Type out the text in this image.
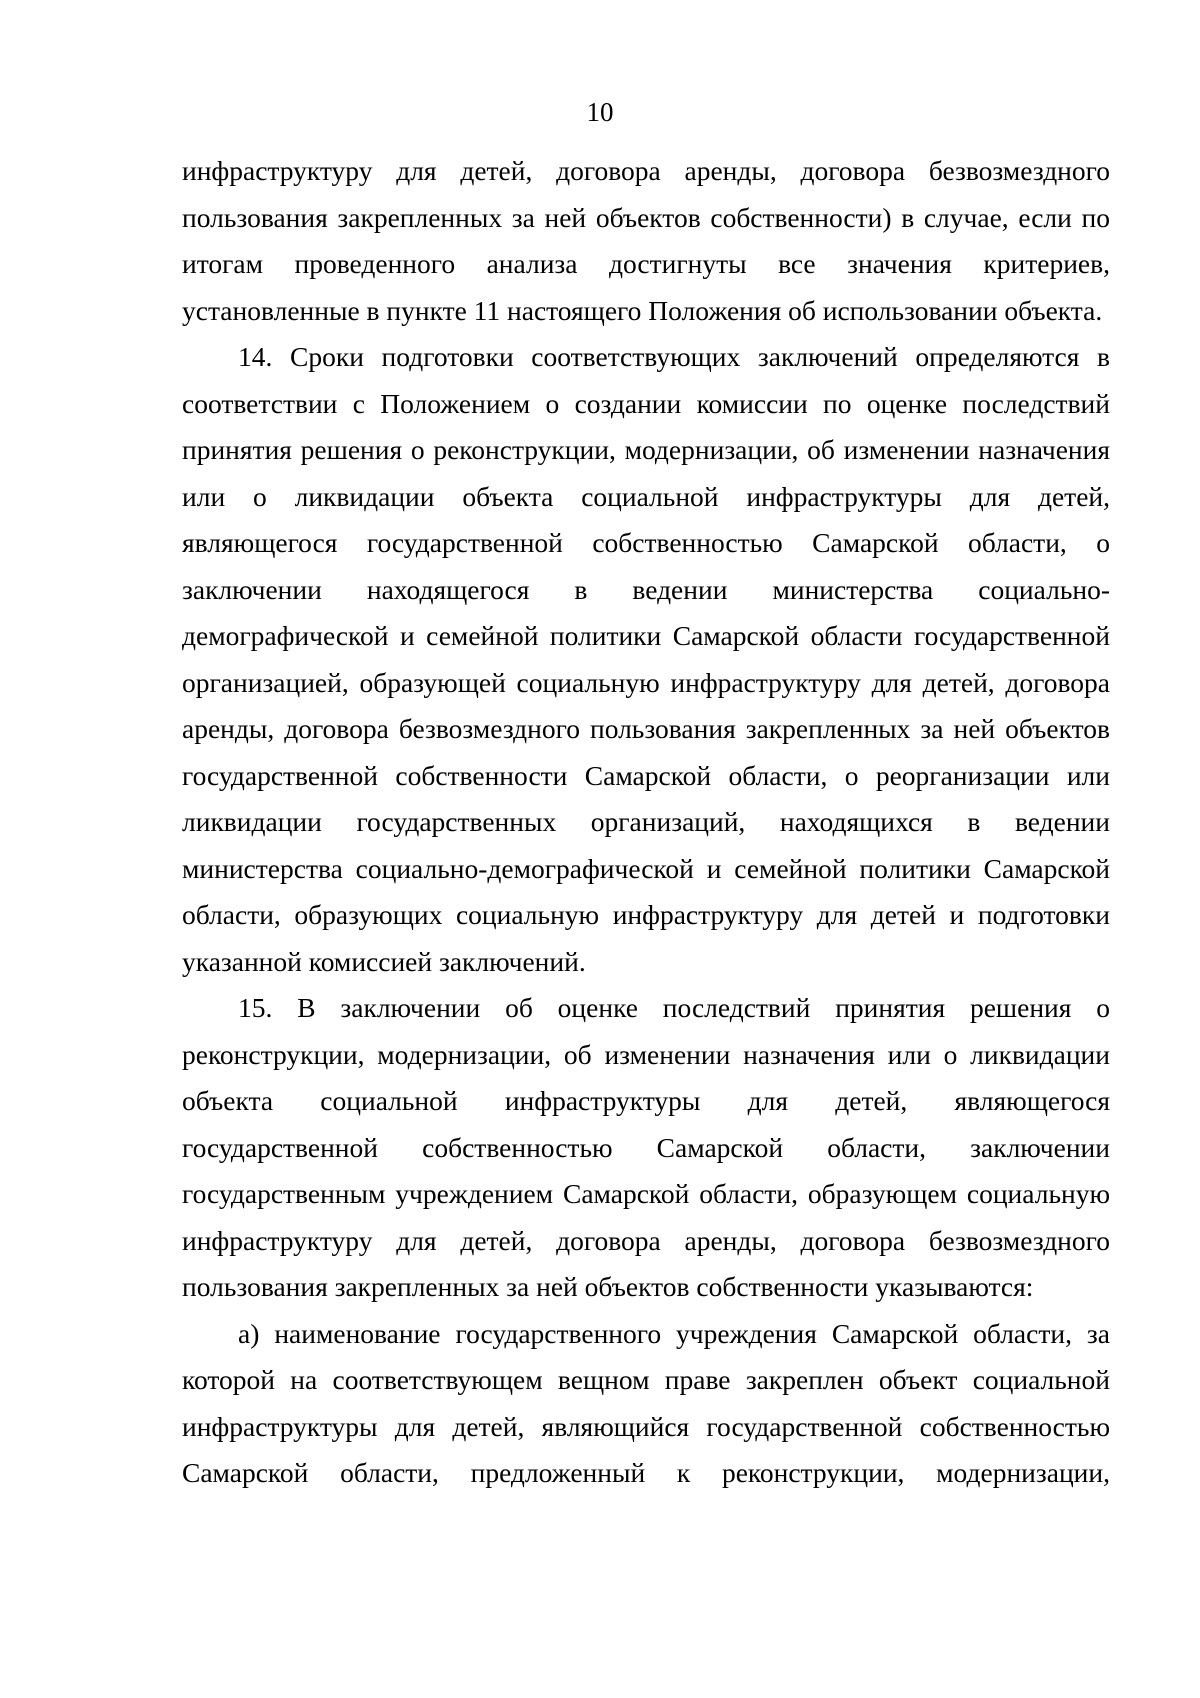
10

инфраструктуру для детей, договора аренды, договора безвозмездного пользования закрепленных за ней объектов собственности) в случае, если по итогам проведенного анализа достигнуты все значения критериев, установленные в пункте 11 настоящего Положения об использовании объекта.

14. Сроки подготовки соответствующих заключений определяются в соответствии с Положением о создании комиссии по оценке последствий принятия решения о реконструкции, модернизации, об изменении назначения или о ликвидации объекта социальной инфраструктуры для детей, являющегося государственной собственностью Самарской области, о заключении находящегося в ведении министерства социально-демографической и семейной политики Самарской области государственной организацией, образующей социальную инфраструктуру для детей, договора аренды, договора безвозмездного пользования закрепленных за ней объектов государственной собственности Самарской области, о реорганизации или ликвидации государственных организаций, находящихся в ведении министерства социально-демографической и семейной политики Самарской области, образующих социальную инфраструктуру для детей и подготовки указанной комиссией заключений.

15. В заключении об оценке последствий принятия решения о реконструкции, модернизации, об изменении назначения или о ликвидации объекта социальной инфраструктуры для детей, являющегося государственной собственностью Самарской области, заключении государственным учреждением Самарской области, образующем социальную инфраструктуру для детей, договора аренды, договора безвозмездного пользования закрепленных за ней объектов собственности указываются:

а) наименование государственного учреждения Самарской области, за которой на соответствующем вещном праве закреплен объект социальной инфраструктуры для детей, являющийся государственной собственностью Самарской области, предложенный к реконструкции, модернизации,
